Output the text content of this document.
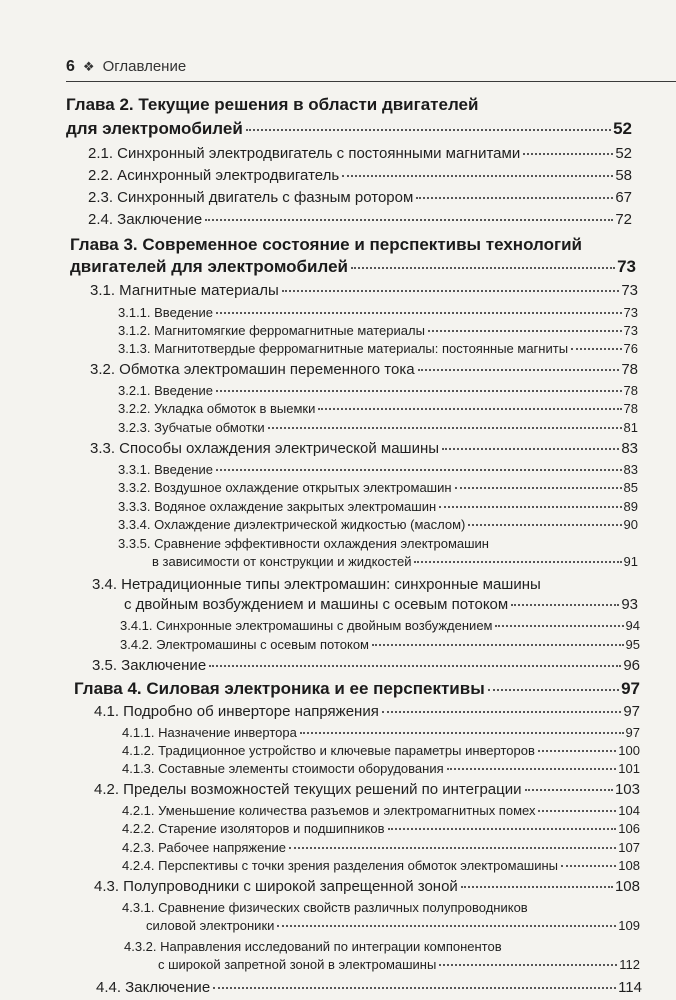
6 ❖ Оглавление
Глава 2. Текущие решения в области двигателей
для электромобилей	52
2.1. Синхронный электродвигатель с постоянными магнитами	52
2.2. Асинхронный электродвигатель	58
2.3. Синхронный двигатель с фазным ротором	67
2.4. Заключение	72
Глава 3. Современное состояние и перспективы технологий
двигателей для электромобилей	73
3.1. Магнитные материалы	73
3.1.1. Введение	73
3.1.2. Магнитомягкие ферромагнитные материалы	73
3.1.3. Магнитотвердые ферромагнитные материалы: постоянные магниты	76
3.2. Обмотка электромашин переменного тока	78
3.2.1. Введение	78
3.2.2. Укладка обмоток в выемки	78
3.2.3. Зубчатые обмотки	81
3.3. Способы охлаждения электрической машины	83
3.3.1. Введение	83
3.3.2. Воздушное охлаждение открытых электромашин	85
3.3.3. Водяное охлаждение закрытых электромашин	89
3.3.4. Охлаждение диэлектрической жидкостью (маслом)	90
3.3.5. Сравнение эффективности охлаждения электромашин
в зависимости от конструкции и жидкостей	91
3.4. Нетрадиционные типы электромашин: синхронные машины
с двойным возбуждением и машины с осевым потоком	93
3.4.1. Синхронные электромашины с двойным возбуждением	94
3.4.2. Электромашины с осевым потоком	95
3.5. Заключение	96
Глава 4. Силовая электроника и ее перспективы	97
4.1. Подробно об инверторе напряжения	97
4.1.1. Назначение инвертора	97
4.1.2. Традиционное устройство и ключевые параметры инверторов	100
4.1.3. Составные элементы стоимости оборудования	101
4.2. Пределы возможностей текущих решений по интеграции	103
4.2.1. Уменьшение количества разъемов и электромагнитных помех	104
4.2.2. Старение изоляторов и подшипников	106
4.2.3. Рабочее напряжение	107
4.2.4. Перспективы с точки зрения разделения обмоток электромашины	108
4.3. Полупроводники с широкой запрещенной зоной	108
4.3.1. Сравнение физических свойств различных полупроводников
силовой электроники	109
4.3.2. Направления исследований по интеграции компонентов
с широкой запретной зоной в электромашины	112
4.4. Заключение	114
